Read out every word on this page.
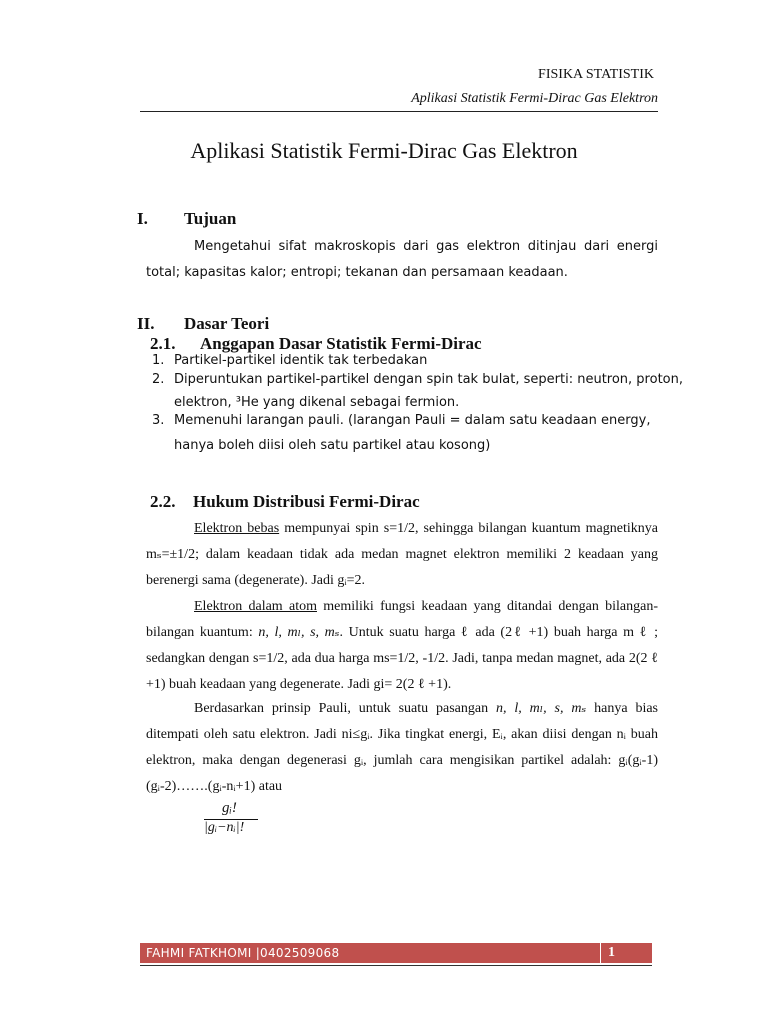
FISIKA STATISTIK
Aplikasi Statistik Fermi-Dirac Gas Elektron
Aplikasi Statistik Fermi-Dirac Gas Elektron
I. Tujuan
Mengetahui sifat makroskopis dari gas elektron ditinjau dari energi total; kapasitas kalor; entropi; tekanan dan persamaan keadaan.
II. Dasar Teori
2.1. Anggapan Dasar Statistik Fermi-Dirac
1. Partikel-partikel identik tak terbedakan
2. Diperuntukan partikel-partikel dengan spin tak bulat, seperti: neutron, proton,
elektron, ³He yang dikenal sebagai fermion.
3. Memenuhi larangan pauli. (larangan Pauli = dalam satu keadaan energy,
hanya boleh diisi oleh satu partikel atau kosong)
2.2. Hukum Distribusi Fermi-Dirac
Elektron bebas mempunyai spin s=1/2, sehingga bilangan kuantum magnetiknya mₛ=±1/2; dalam keadaan tidak ada medan magnet elektron memiliki 2 keadaan yang berenergi sama (degenerate). Jadi gᵢ=2.
Elektron dalam atom memiliki fungsi keadaan yang ditandai dengan bilangan-bilangan kuantum: n, l, mₗ, s, mₛ. Untuk suatu harga ℓ ada (2ℓ +1) buah harga m ℓ ; sedangkan dengan s=1/2, ada dua harga ms=1/2, -1/2. Jadi, tanpa medan magnet, ada 2(2 ℓ +1) buah keadaan yang degenerate. Jadi gi= 2(2 ℓ +1).
Berdasarkan prinsip Pauli, untuk suatu pasangan n, l, mₗ, s, mₛ hanya bias ditempati oleh satu elektron. Jadi ni≤gᵢ. Jika tingkat energi, Eᵢ, akan diisi dengan nᵢ buah elektron, maka dengan degenerasi gᵢ, jumlah cara mengisikan partikel adalah: gᵢ(gᵢ-1) (gᵢ-2)…….(gᵢ-nᵢ+1) atau
gᵢ!
|gᵢ−nᵢ|!
FAHMI FATKHOMI |0402509068	1
